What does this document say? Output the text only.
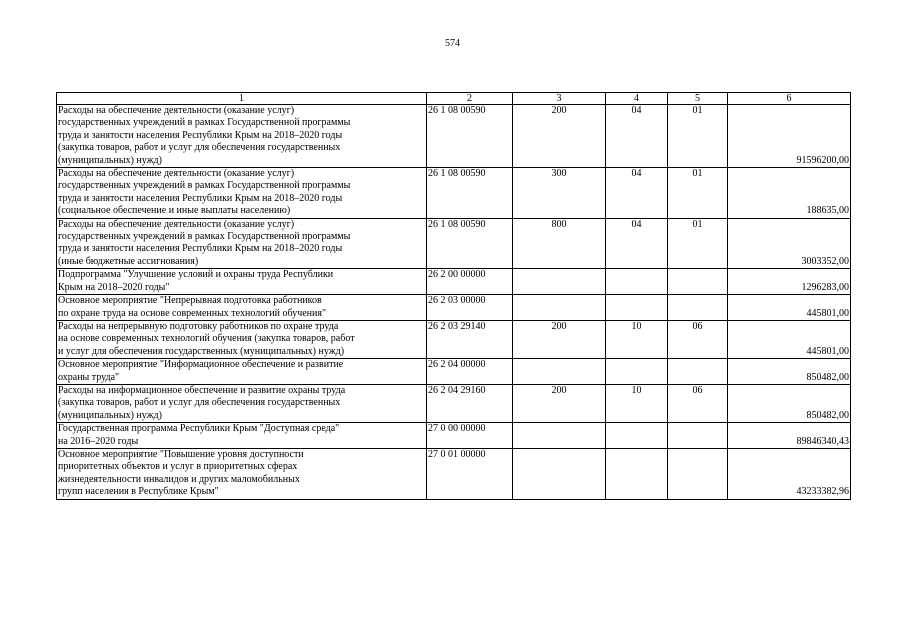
574
1	2	3	4	5	6
Расходы на обеспечение деятельности (оказание услуг)
государственных учреждений в рамках Государственной программы
труда и занятости населения Республики Крым на 2018–2020 годы
(закупка товаров, работ и услуг для обеспечения государственных
(муниципальных) нужд)	26 1 08 00590	200	04	01	91596200,00
Расходы на обеспечение деятельности (оказание услуг)
государственных учреждений в рамках Государственной программы
труда и занятости населения Республики Крым на 2018–2020 годы
(социальное обеспечение и иные выплаты населению)	26 1 08 00590	300	04	01	188635,00
Расходы на обеспечение деятельности (оказание услуг)
государственных учреждений в рамках Государственной программы
труда и занятости населения Республики Крым на 2018–2020 годы
(иные бюджетные ассигнования)	26 1 08 00590	800	04	01	3003352,00
Подпрограмма "Улучшение условий и охраны труда Республики
Крым на 2018–2020 годы"	26 2 00 00000				1296283,00
Основное мероприятие "Непрерывная подготовка работников
по охране труда на основе современных технологий обучения"	26 2 03 00000				445801,00
Расходы на непрерывную подготовку работников по охране труда
на основе современных технологий обучения (закупка товаров, работ
и услуг для обеспечения государственных (муниципальных) нужд)	26 2 03 29140	200	10	06	445801,00
Основное мероприятие "Информационное обеспечение и развитие
охраны труда"	26 2 04 00000				850482,00
Расходы на информационное обеспечение и развитие охраны труда
(закупка товаров, работ и услуг для обеспечения государственных
(муниципальных) нужд)	26 2 04 29160	200	10	06	850482,00
Государственная программа Республики Крым "Доступная среда"
на 2016–2020 годы	27 0 00 00000				89846340,43
Основное мероприятие "Повышение уровня доступности
приоритетных объектов и услуг в приоритетных сферах
жизнедеятельности инвалидов и других маломобильных
групп населения в Республике Крым"	27 0 01 00000				43233382,96
